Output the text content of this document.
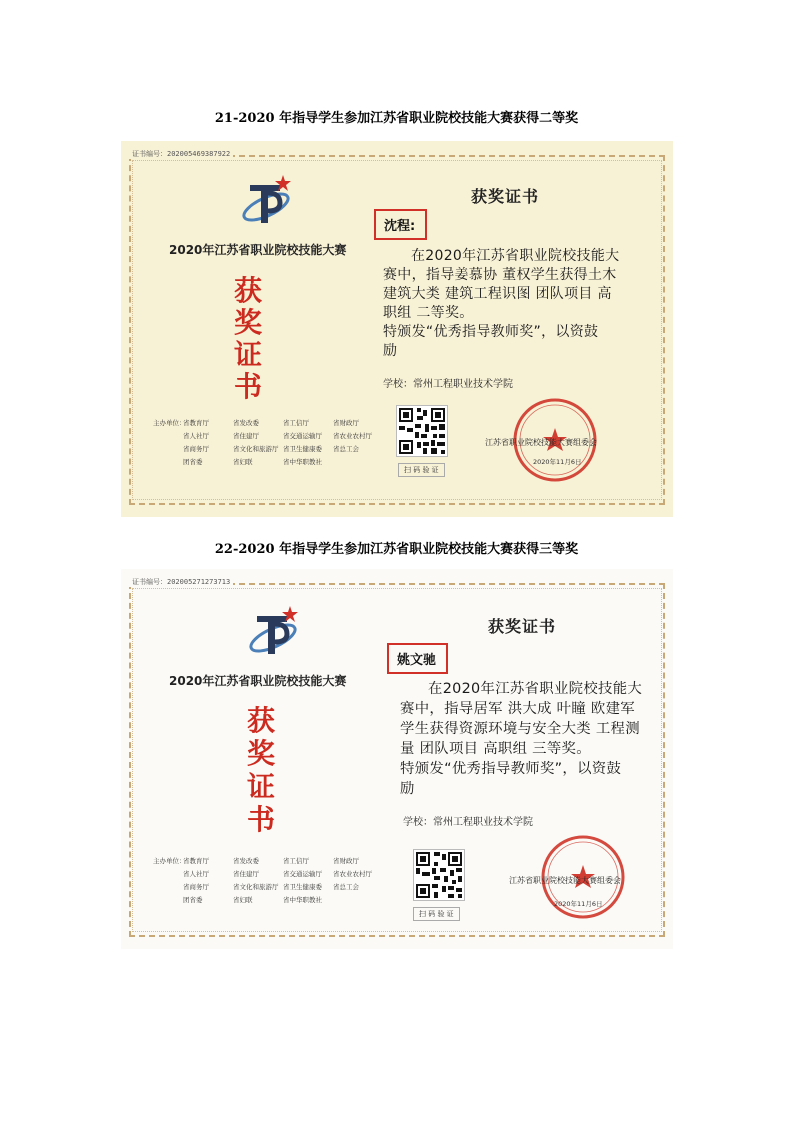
21-2020 年指导学生参加江苏省职业院校技能大赛获得二等奖
证书编号：2020054693879​22
2020年江苏省职业院校技能大赛
获
奖
证
书
获奖证书
沈程:

在2020年江苏省职业院校技能大

赛中，指导姜慕协 董权学生获得土木

建筑大类 建筑工程识图 团队项目 高

职组 二等奖。

特颁发“优秀指导教师奖”，以资鼓

励

学校：常州工程职业技术学院
主办单位：
省教育厅	省发改委	省工信厅	省财政厅
省人社厅	省住建厅	省交通运输厅	省农业农村厅
省商务厅	省文化和旅游厅 省卫生健康委	省总工会
团省委	省妇联	省中华职教社
扫 码 验 证
江苏省职业院校技能大赛组委会
2020年11月6日
22-2020 年指导学生参加江苏省职业院校技能大赛获得三等奖
证书编号：2020052712737​13
2020年江苏省职业院校技能大赛
获
奖
证
书
获奖证书
姚文驰

在2020年江苏省职业院校技能大

赛中，指导居军 洪大成 叶瞳 欧建军

学生获得资源环境与安全大类 工程测

量 团队项目 高职组 三等奖。

特颁发“优秀指导教师奖”，以资鼓

励

学校：常州工程职业技术学院
主办单位：
省教育厅	省发改委	省工信厅	省财政厅
省人社厅	省住建厅	省交通运输厅	省农业农村厅
省商务厅	省文化和旅游厅 省卫生健康委	省总工会
团省委	省妇联	省中华职教社
扫 码 验 证
江苏省职业院校技能大赛组委会
2020年11月6日
